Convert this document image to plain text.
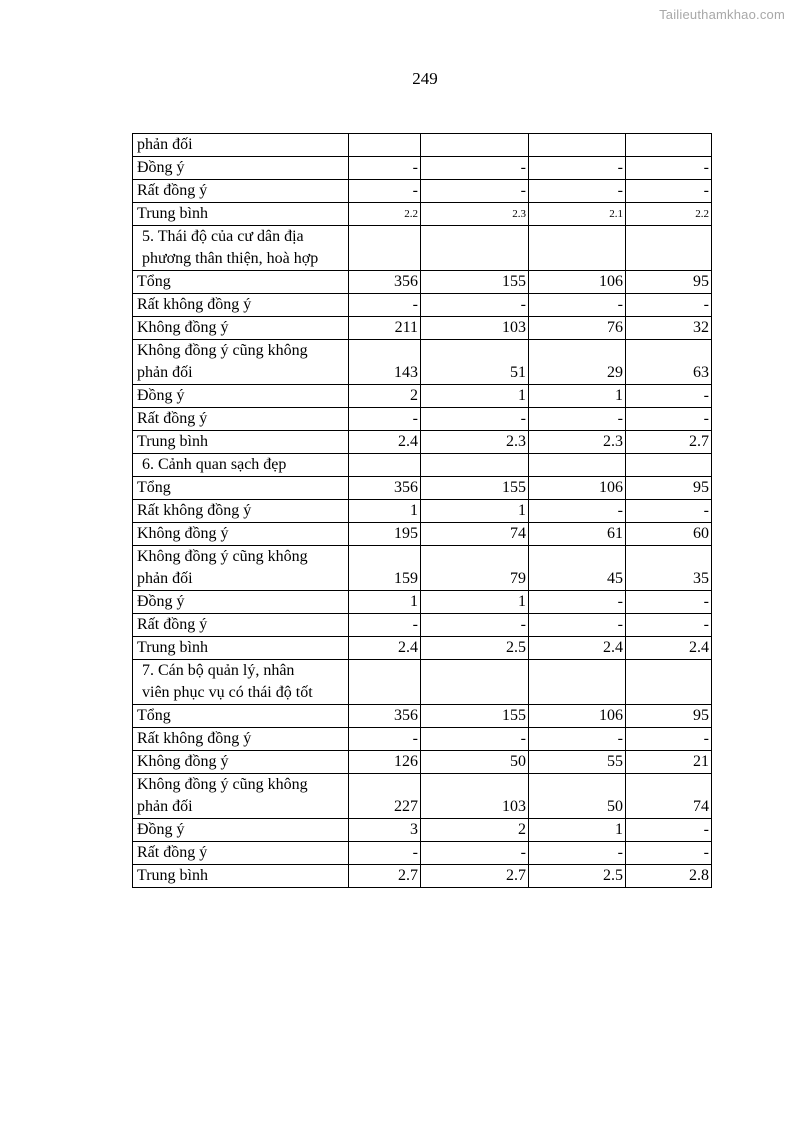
Tailieuthamkhao.com
249
phản đối				

Đồng ý	-	-	-	-

Rất đồng ý	-	-	-	-

Trung bình	2.2	2.3	2.1	2.2

5. Thái độ của cư dân địa
phương thân thiện, hoà hợp				

Tổng	356	155	106	95

Rất không đồng ý	-	-	-	-

Không đồng ý	211	103	76	32

Không đồng ý cũng không
phản đối	143	51	29	63

Đồng ý	2	1	1	-

Rất đồng ý	-	-	-	-

Trung bình	2.4	2.3	2.3	2.7

6. Cảnh quan sạch đẹp				

Tổng	356	155	106	95

Rất không đồng ý	1	1	-	-

Không đồng ý	195	74	61	60

Không đồng ý cũng không
phản đối	159	79	45	35

Đồng ý	1	1	-	-

Rất đồng ý	-	-	-	-

Trung bình	2.4	2.5	2.4	2.4

7. Cán bộ quản lý, nhân
viên phục vụ có thái độ tốt				

Tổng	356	155	106	95

Rất không đồng ý	-	-	-	-

Không đồng ý	126	50	55	21

Không đồng ý cũng không
phản đối	227	103	50	74

Đồng ý	3	2	1	-

Rất đồng ý	-	-	-	-

Trung bình	2.7	2.7	2.5	2.8
